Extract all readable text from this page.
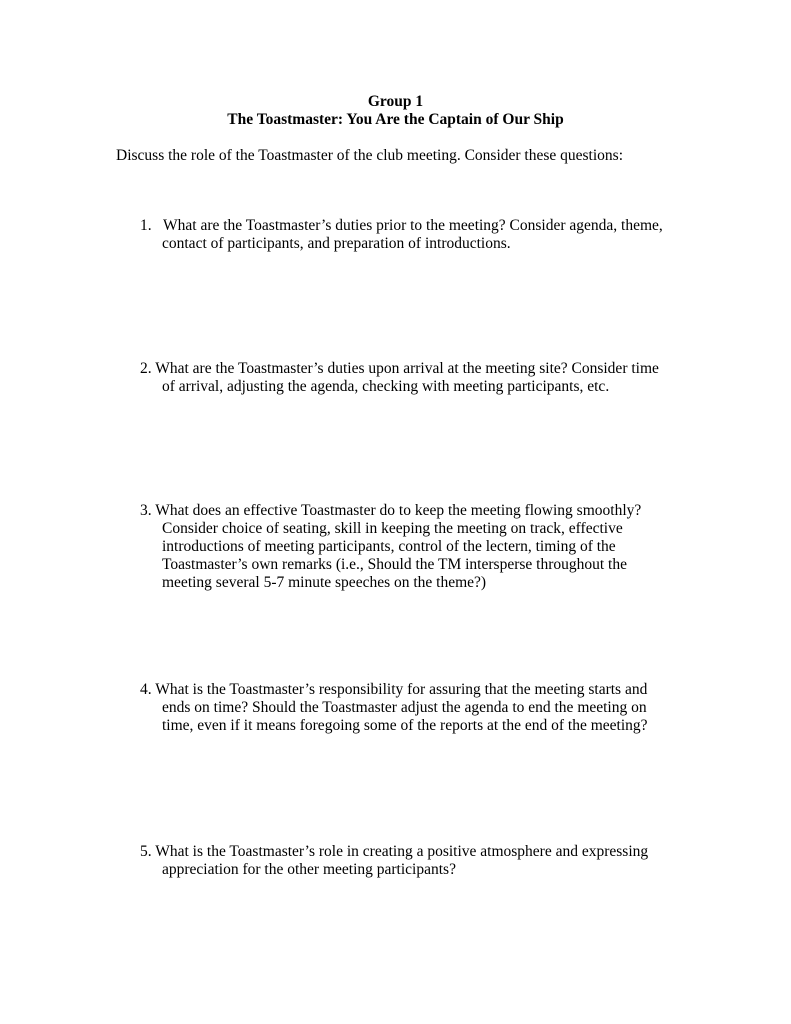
Group 1
The Toastmaster: You Are the Captain of Our Ship
Discuss the role of the Toastmaster of the club meeting. Consider these questions:
1. What are the Toastmaster’s duties prior to the meeting? Consider agenda, theme,
contact of participants, and preparation of introductions.
2. What are the Toastmaster’s duties upon arrival at the meeting site? Consider time
of arrival, adjusting the agenda, checking with meeting participants, etc.
3. What does an effective Toastmaster do to keep the meeting flowing smoothly?
Consider choice of seating, skill in keeping the meeting on track, effective
introductions of meeting participants, control of the lectern, timing of the
Toastmaster’s own remarks (i.e., Should the TM intersperse throughout the
meeting several 5-7 minute speeches on the theme?)
4. What is the Toastmaster’s responsibility for assuring that the meeting starts and
ends on time? Should the Toastmaster adjust the agenda to end the meeting on
time, even if it means foregoing some of the reports at the end of the meeting?
5. What is the Toastmaster’s role in creating a positive atmosphere and expressing
appreciation for the other meeting participants?
